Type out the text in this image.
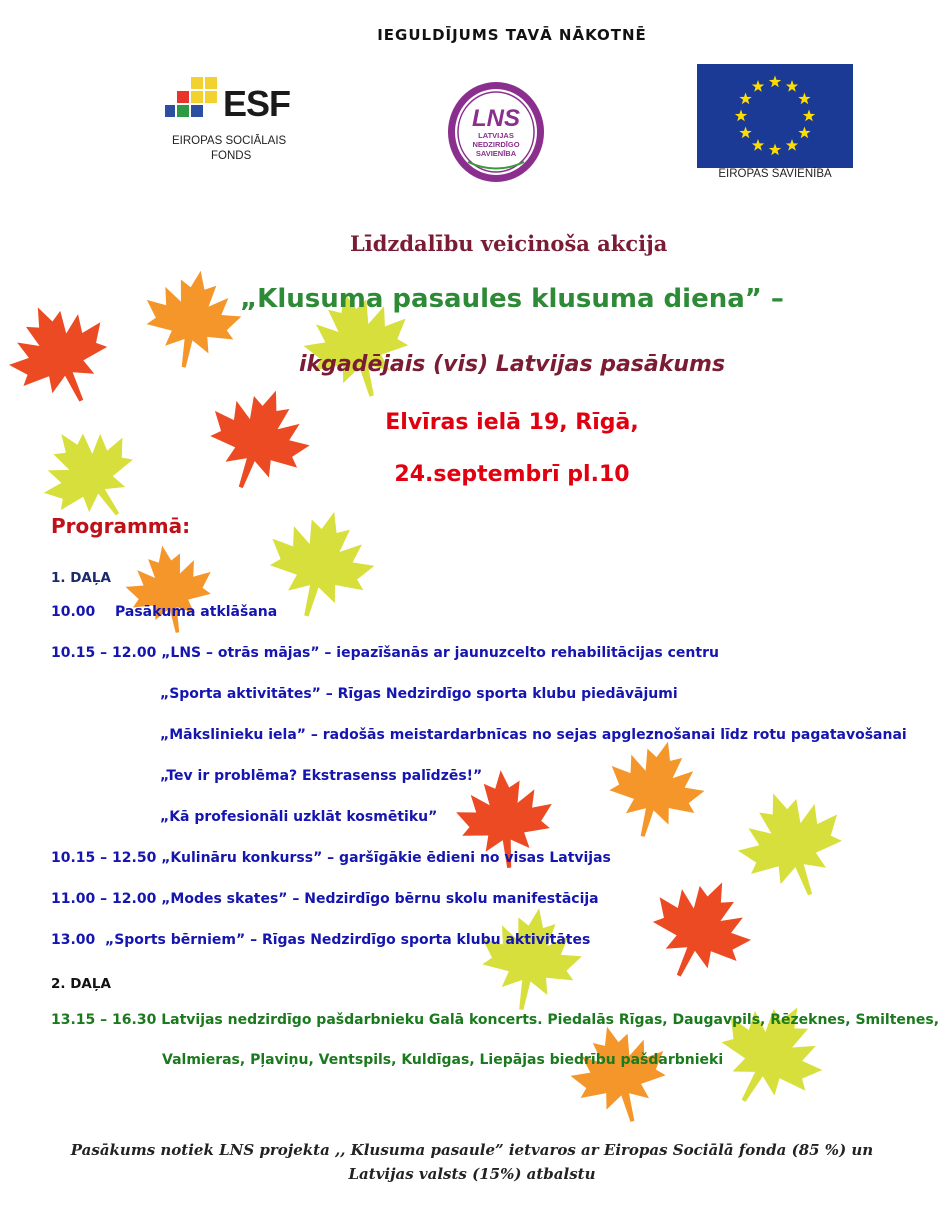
IEGULDĪJUMS TAVĀ NĀKOTNĒ
ESF
EIROPAS SOCIĀLAIS
FONDS
LNS
LATVIJAS
NEDZIRDĪGO
SAVIENĪBA
EIROPAS SAVIENĪBA
Līdzdalību veicinoša akcija
„Klusuma pasaules klusuma diena” –
ikgadējais (vis) Latvijas pasākums
Elvīras ielā 19, Rīgā,
24.septembrī pl.10
Programmā:
1. DAĻA
10.00 Pasākuma atklāšana
10.15 – 12.00 „LNS – otrās mājas” – iepazīšanās ar jaunuzcelto rehabilitācijas centru
„Sporta aktivitātes” – Rīgas Nedzirdīgo sporta klubu piedāvājumi
„Mākslinieku iela” – radošās meistardarbnīcas no sejas apgleznošanai līdz rotu pagatavošanai
„Tev ir problēma? Ekstrasenss palīdzēs!”
„Kā profesionāli uzklāt kosmētiku”
10.15 – 12.50 „Kulināru konkurss” – garšīgākie ēdieni no visas Latvijas
11.00 – 12.00 „Modes skates” – Nedzirdīgo bērnu skolu manifestācija
13.00 „Sports bērniem” – Rīgas Nedzirdīgo sporta klubu aktivitātes
2. DAĻA
13.15 – 16.30 Latvijas nedzirdīgo pašdarbnieku Galā koncerts. Piedalās Rīgas, Daugavpils, Rēzeknes, Smiltenes,
Valmieras, Pļaviņu, Ventspils, Kuldīgas, Liepājas biedrību pašdarbnieki
Pasākums notiek LNS projekta ,, Klusuma pasaule” ietvaros ar Eiropas Sociālā fonda (85 %) un
Latvijas valsts (15%) atbalstu
